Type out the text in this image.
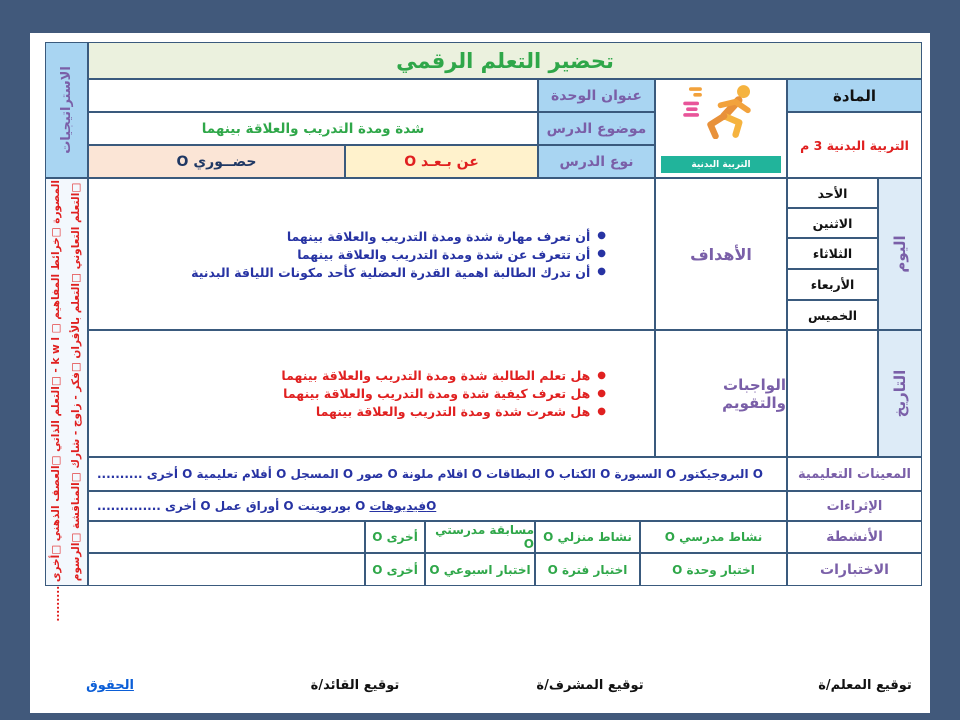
الاستراتيجيات
□التعلم التعاوني □التعلم بالأقران □فكر - زاوج - شارك □المناقشة □الرسوم
المصورة □خرائط المفاهيم □ k w l - □التعلم الذاتي □العصف الذهني □أخرى .........
تحضير التعلم الرقمي
المادة
التربية البدنية 3 م
التربية البدنية
عنوان الوحدة
موضوع الدرس
شدة ومدة التدريب والعلاقة بينهما
نوع الدرس
عن بـعـد O
حضــوري O
●
أن تعرف مهارة شدة ومدة التدريب والعلاقة بينهما
●
أن تتعرف عن شدة ومدة التدريب والعلاقة بينهما
●
أن تدرك الطالبة اهمية القدرة العضلية كأحد مكونات اللياقة البدنية
الأهداف
الأحد
الاثنين
الثلاثاء
الأربعاء
الخميس
اليوم
●
هل تعلم الطالبة شدة ومدة التدريب والعلاقة بينهما
●
هل تعرف كيفية شدة ومدة التدريب والعلاقة بينهما
●
هل شعرت شدة ومدة التدريب والعلاقة بينهما
الواجبات والتقويم	التاريخ
المعينات التعليمية
O البروجيكتور O السبورة O الكتاب O البطاقات O اقلام ملونة O صور O المسجل O أفلام تعليمية O أخرى ..........
الإثراءات
Oفيديوهات

O بوربوينت O أوراق عمل O أخرى ..............
الأنشطة
نشاط مدرسي O
نشاط منزلي O
مسابقة مدرستي O
أخرى O
الاختبارات
اختبار وحدة O
اختبار فترة O
اختبار اسبوعي O
أخرى O
توقيع المعلم/ة
توقيع المشرف/ة
توقيع القائد/ة
الحقوق
